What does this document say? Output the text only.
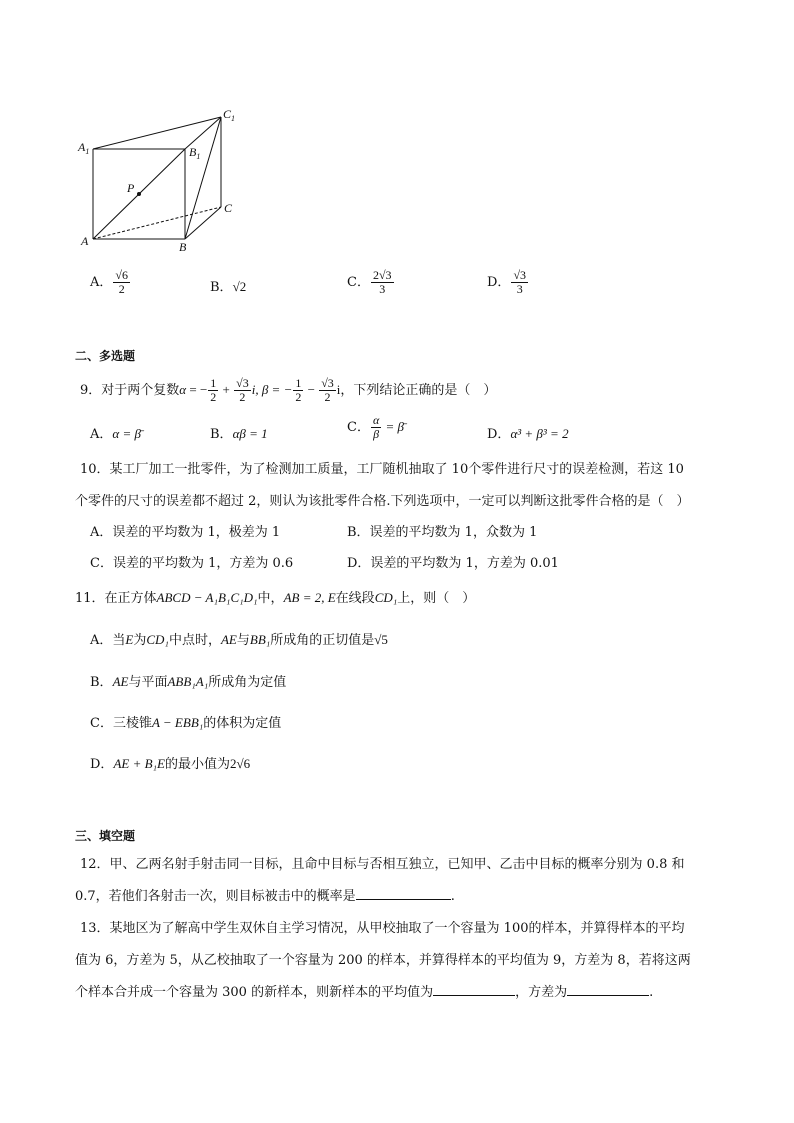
$A_1$	$B_1$
$C_1$
P
A	B
C
A． $\frac{√6}{2}$	B．√2	C． $\frac{2√3}{3}$	D． $\frac{√3}{3}$
二、多选题
9．对于两个复数α = − $\frac{1}{2} + \frac{√3}{2} i$, β = − $\frac{1}{2} - \frac{√3}{2}$ i，下列结论正确的是（　）
A．α = β̄	B．αβ = 1	C． $\frac{\alpha}{\beta}$ = β̄
D．α³ + β³ = 2
10．某工厂加工一批零件，为了检测加工质量，工厂随机抽取了 10个零件进行尺寸的误差检测，若这 10
个零件的尺寸的误差都不超过 2，则认为该批零件合格.下列选项中，一定可以判断这批零件合格的是（　）
A．误差的平均数为 1，极差为 1	B．误差的平均数为 1，众数为 1
C．误差的平均数为 1，方差为 0.6	D．误差的平均数为 1，方差为 0.01
11．在正方体ABCD − A₁B₁C₁D₁中，AB = 2, E在线段CD₁上，则（　）
A．当E为CD₁中点时，AE与BB₁所成角的正切值是√5
B．AE与平面ABB₁A₁所成角为定值
C．三棱锥A − EBB₁的体积为定值
D．AE + B₁E的最小值为2√6
三、填空题
12．甲、乙两名射手射击同一目标，且命中目标与否相互独立，已知甲、乙击中目标的概率分别为 0.8 和
0.7，若他们各射击一次，则目标被击中的概率是	.
13．某地区为了解高中学生双休自主学习情况，从甲校抽取了一个容量为 100的样本，并算得样本的平均
值为 6，方差为 5，从乙校抽取了一个容量为 200 的样本，并算得样本的平均值为 9，方差为 8，若将这两
个样本合并成一个容量为 300 的新样本，则新样本的平均值为	，方差为	.
